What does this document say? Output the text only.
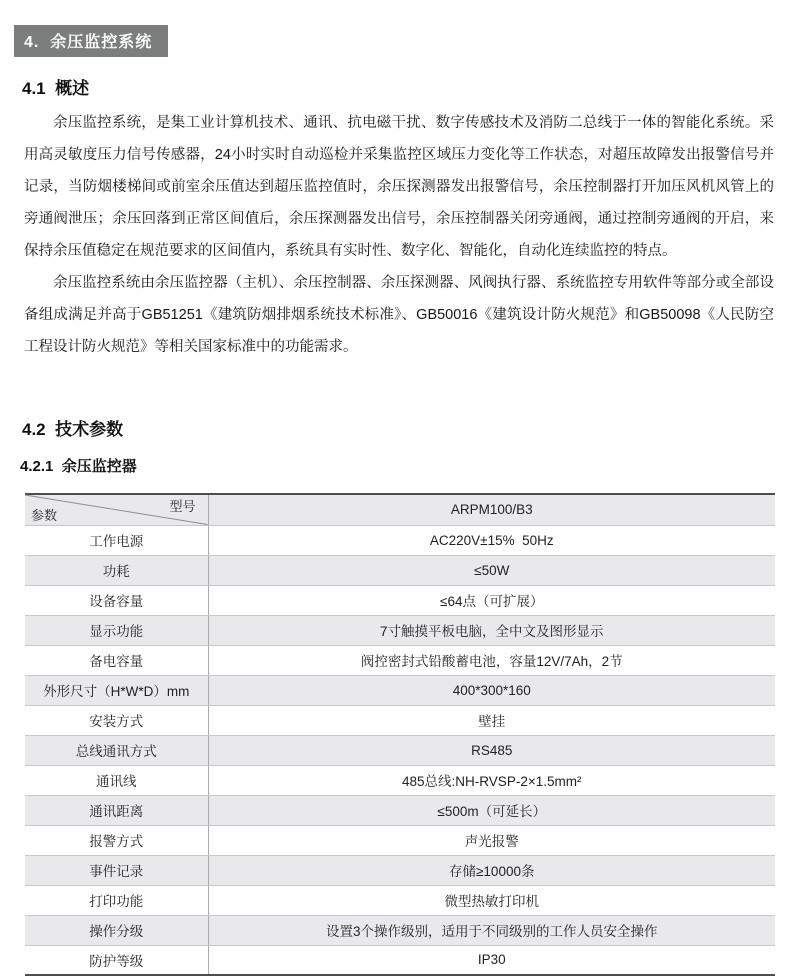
4.  余压监控系统
4.1  概述

余压监控系统，是集工业计算机技术、通讯、抗电磁干扰、数字传感技术及消防二总线于一体的智能化系统。采用高灵敏度压力信号传感器，24小时实时自动巡检并采集监控区域压力变化等工作状态，对超压故障发出报警信号并记录，当防烟楼梯间或前室余压值达到超压监控值时，余压探测器发出报警信号，余压控制器打开加压风机风管上的旁通阀泄压；余压回落到正常区间值后，余压探测器发出信号，余压控制器关闭旁通阀，通过控制旁通阀的开启，来保持余压值稳定在规范要求的区间值内，系统具有实时性、数字化、智能化，自动化连续监控的特点。

余压监控系统由余压监控器（主机）、余压控制器、余压探测器、风阀执行器、系统监控专用软件等部分或全部设备组成满足并高于GB51251《建筑防烟排烟系统技术标准》、GB50016《建筑设计防火规范》和GB50098《人民防空工程设计防火规范》等相关国家标准中的功能需求。

4.2  技术参数
4.2.1  余压监控器
型号
参数	ARPM100/B3
工作电源	AC220V±15%  50Hz
功耗	≤50W
设备容量	≤64点（可扩展）
显示功能	7寸触摸平板电脑，全中文及图形显示
备电容量	阀控密封式铅酸蓄电池，容量12V/7Ah，2节
外形尺寸（H*W*D）mm	400*300*160
安装方式	壁挂
总线通讯方式	RS485
通讯线	485总线:NH-RVSP-2×1.5mm²
通讯距离	≤500m（可延长）
报警方式	声光报警
事件记录	存储≥10000条
打印功能	微型热敏打印机
操作分级	设置3个操作级别，适用于不同级别的工作人员安全操作
防护等级	IP30
